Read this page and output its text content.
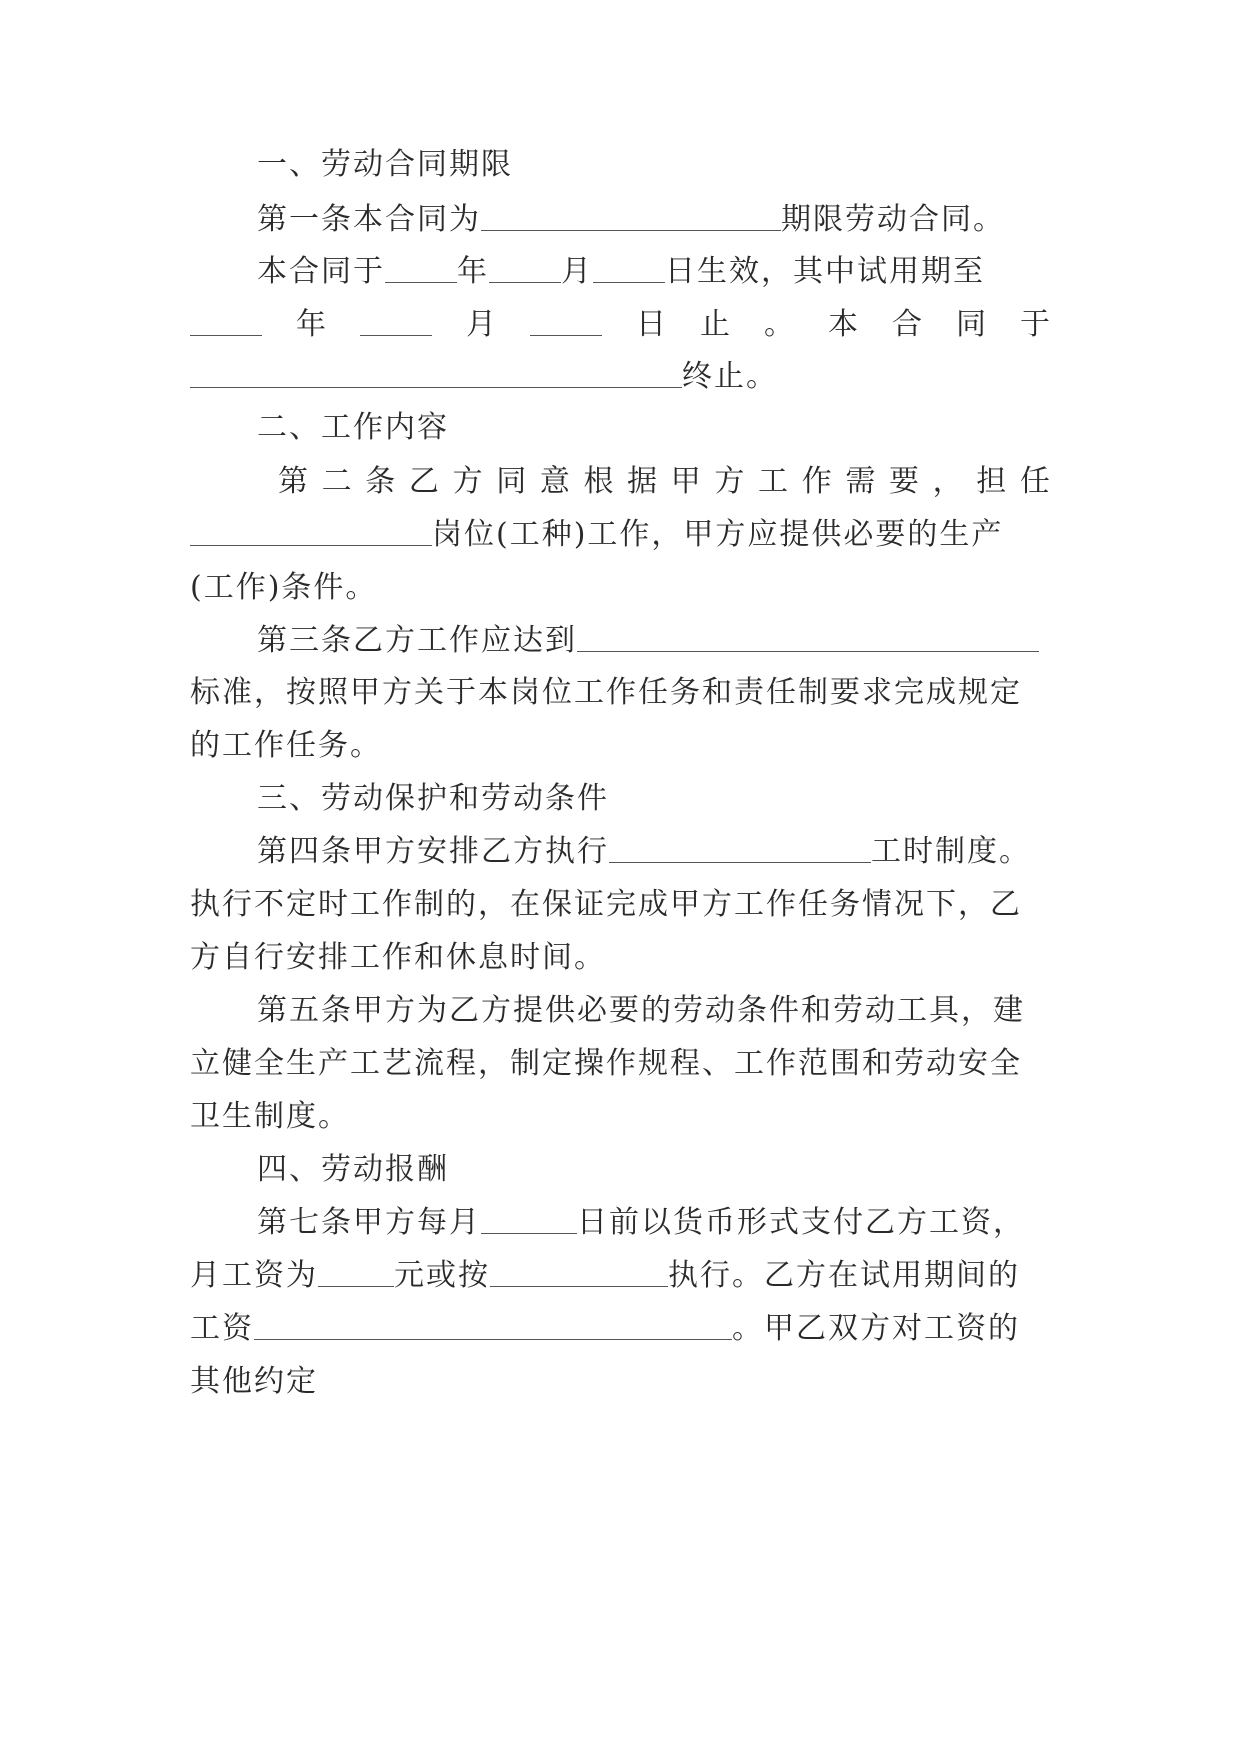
一、劳动合同期限
第一条本合同为	期限劳动合同。
本合同于 年 月 日生效，其中试用期至
年	月	日 止 。 本 合 同 于
终止。
二、工作内容
第 二 条 乙 方 同 意 根 据 甲 方 工 作 需 要 ， 担 任
岗位(工种)工作，甲方应提供必要的生产
(工作)条件。
第三条乙方工作应达到
标准，按照甲方关于本岗位工作任务和责任制要求完成规定
的工作任务。
三、劳动保护和劳动条件
第四条甲方安排乙方执行	工时制度。
执行不定时工作制的，在保证完成甲方工作任务情况下，乙
方自行安排工作和休息时间。
第五条甲方为乙方提供必要的劳动条件和劳动工具，建
立健全生产工艺流程，制定操作规程、工作范围和劳动安全
卫生制度。
四、劳动报酬
第七条甲方每月	日前以货币形式支付乙方工资，
月工资为	元或按	执行。乙方在试用期间的
工资	。甲乙双方对工资的
其他约定
